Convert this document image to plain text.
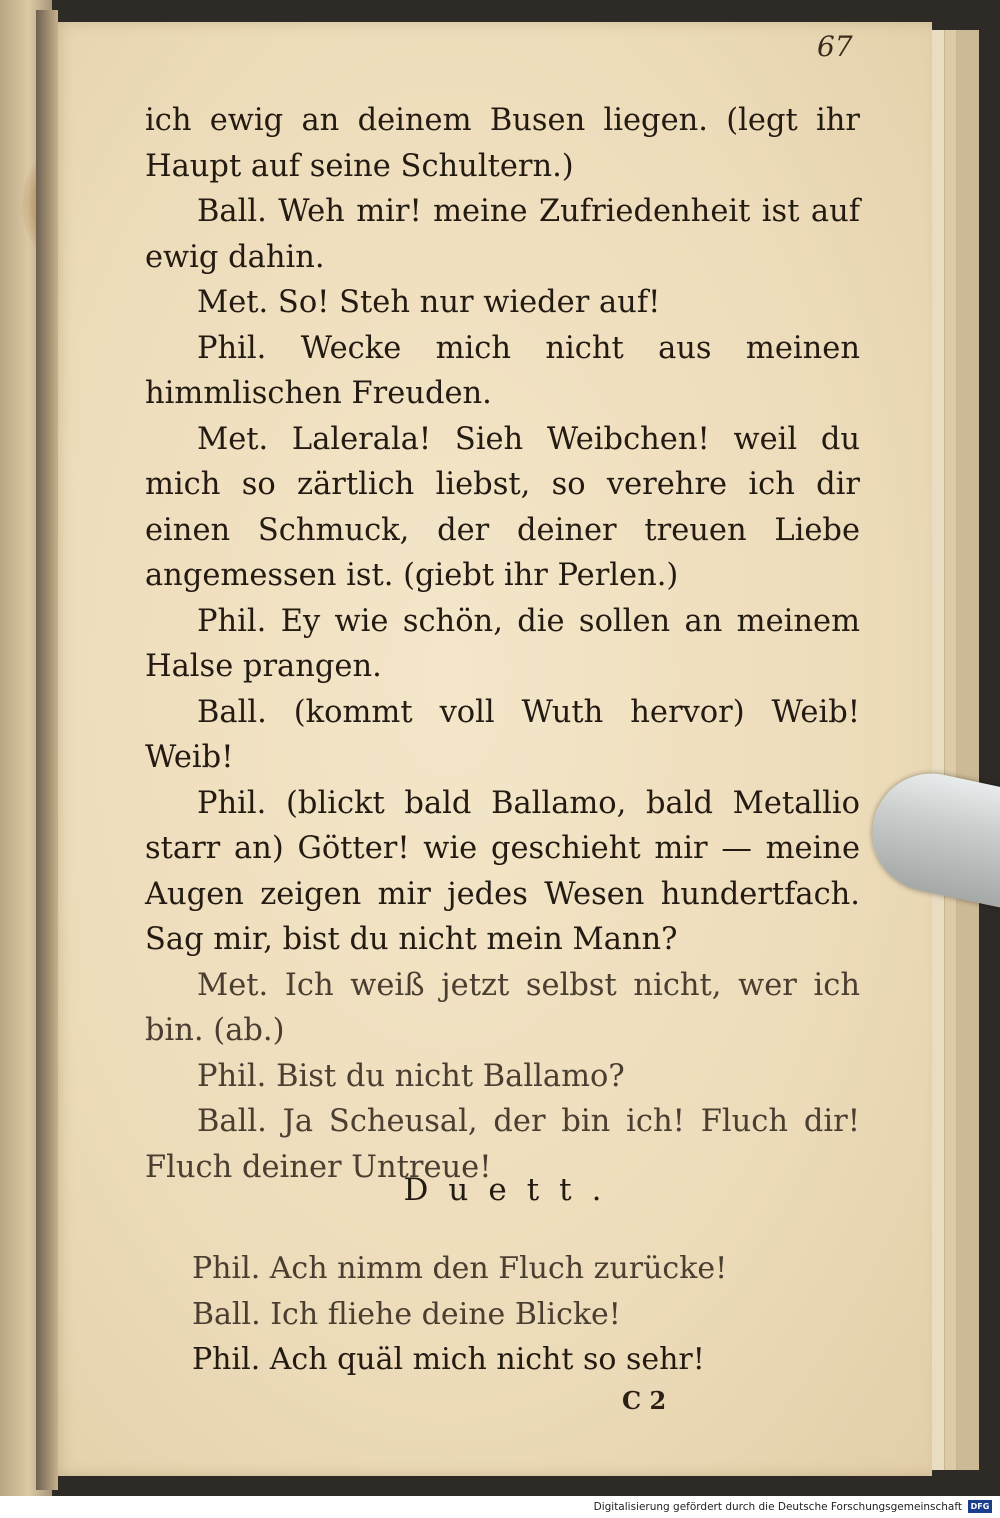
67

ich ewig an deinem Busen liegen. (legt ihr Haupt auf seine Schultern.)

Ball. Weh mir! meine Zufriedenheit ist auf ewig dahin.

Met. So! Steh nur wieder auf!

Phil. Wecke mich nicht aus meinen himmlischen Freuden.

Met. Lalerala! Sieh Weibchen! weil du mich so zärtlich liebst, so verehre ich dir einen Schmuck, der deiner treuen Liebe angemessen ist. (giebt ihr Perlen.)

Phil. Ey wie schön, die sollen an meinem Halse prangen.

Ball. (kommt voll Wuth hervor) Weib! Weib!

Phil. (blickt bald Ballamo, bald Metallio starr an) Götter! wie geschieht mir — meine Augen zeigen mir jedes Wesen hundertfach. Sag mir, bist du nicht mein Mann?

Met. Ich weiß jetzt selbst nicht, wer ich bin. (ab.)

Phil. Bist du nicht Ballamo?

Ball. Ja Scheusal, der bin ich! Fluch dir! Fluch deiner Untreue!

Duett.
Phil. Ach nimm den Fluch zurücke!
Ball. Ich fliehe deine Blicke!
Phil. Ach quäl mich nicht so sehr!
C 2
Digitalisierung gefördert durch die Deutsche Forschungsgemeinschaft	DFG
